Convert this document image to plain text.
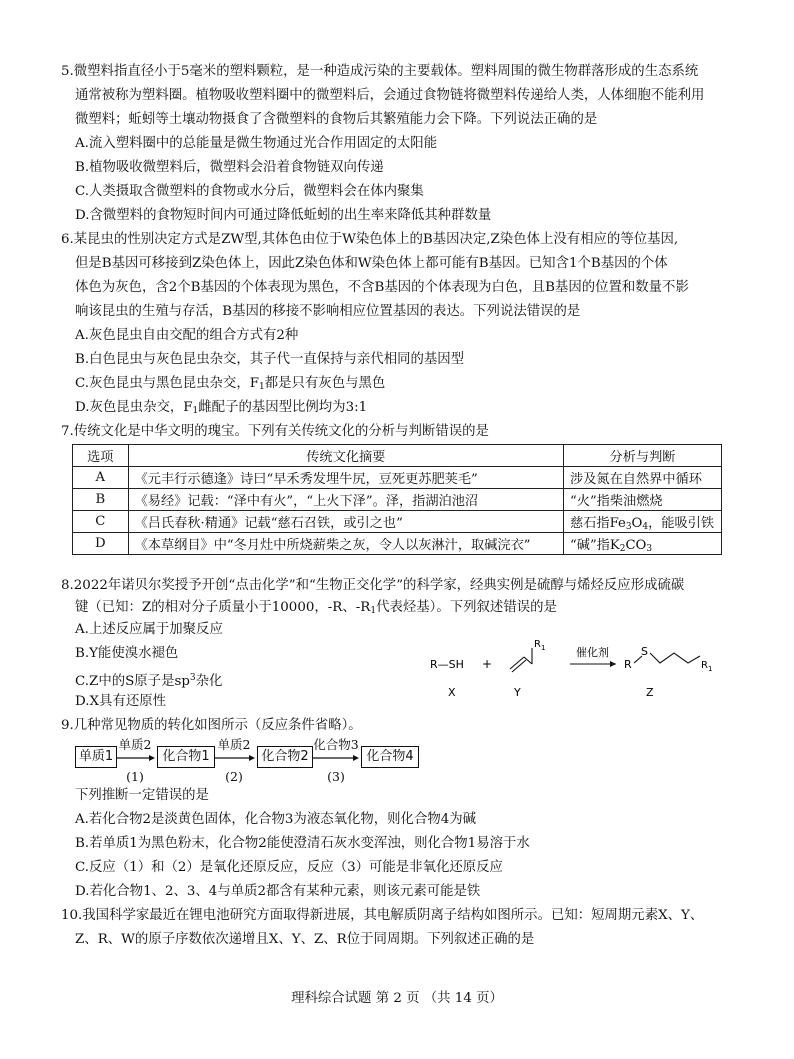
5.微塑料指直径小于5毫米的塑料颗粒，是一种造成污染的主要载体。塑料周围的微生物群落形成的生态系统
通常被称为塑料圈。植物吸收塑料圈中的微塑料后，会通过食物链将微塑料传递给人类，人体细胞不能利用
微塑料；蚯蚓等土壤动物摄食了含微塑料的食物后其繁殖能力会下降。下列说法正确的是
A.流入塑料圈中的总能量是微生物通过光合作用固定的太阳能
B.植物吸收微塑料后，微塑料会沿着食物链双向传递
C.人类摄取含微塑料的食物或水分后，微塑料会在体内聚集
D.含微塑料的食物短时间内可通过降低蚯蚓的出生率来降低其种群数量
6.某昆虫的性别决定方式是ZW型,其体色由位于W染色体上的B基因决定,Z染色体上没有相应的等位基因,
但是B基因可移接到Z染色体上，因此Z染色体和W染色体上都可能有B基因。已知含1个B基因的个体
体色为灰色，含2个B基因的个体表现为黑色，不含B基因的个体表现为白色，且B基因的位置和数量不影
响该昆虫的生殖与存活，B基因的移接不影响相应位置基因的表达。下列说法错误的是
A.灰色昆虫自由交配的组合方式有2种
B.白色昆虫与灰色昆虫杂交，其子代一直保持与亲代相同的基因型
C.灰色昆虫与黑色昆虫杂交，$F_1$都是只有灰色与黑色
D.灰色昆虫杂交，$F_1$雌配子的基因型比例均为3:1
7.传统文化是中华文明的瑰宝。下列有关传统文化的分析与判断错误的是
选项	传统文化摘要	分析与判断
A	《元丰行示德逢》诗曰“早禾秀发埋牛尻，豆死更苏肥荚毛”	涉及氮在自然界中循环
B	《易经》记载：“泽中有火”，“上火下泽”。泽，指湖泊池沼	“火”指柴油燃烧
C	《吕氏春秋·精通》记载“慈石召铁，或引之也”	慈石指$Fe_3O_4$，能吸引铁
D	《本草纲目》中“冬月灶中所烧薪柴之灰，令人以灰淋汁，取碱浣衣”	“碱”指$K_2CO_3$
8.2022年诺贝尔奖授予开创“点击化学”和“生物正交化学”的科学家，经典实例是硫醇与烯烃反应形成硫碳
键（已知：Z的相对分子质量小于10000，-R、$-R_1$代表烃基）。下列叙述错误的是
A.上述反应属于加聚反应
B.Y能使溴水褪色
C.Z中的S原子是$sp^3$杂化
D.X具有还原性
R—SH +
$R_1$	催化剂
R
S
$R_1$
X	Y	Z
9.几种常见物质的转化如图所示（反应条件省略）。
单质1
单质2
(1)
化合物1
单质2
(2)
化合物2
化合物3
(3)
化合物4
下列推断一定错误的是
A.若化合物2是淡黄色固体，化合物3为液态氧化物，则化合物4为碱
B.若单质1为黑色粉末，化合物2能使澄清石灰水变浑浊，则化合物1易溶于水
C.反应（1）和（2）是氧化还原反应，反应（3）可能是非氧化还原反应
D.若化合物1、2、3、4与单质2都含有某种元素，则该元素可能是铁
10.我国科学家最近在锂电池研究方面取得新进展，其电解质阴离子结构如图所示。已知：短周期元素X、Y、
Z、R、W的原子序数依次递增且X、Y、Z、R位于同周期。下列叙述正确的是
理科综合试题 第 2 页 （共 14 页）
